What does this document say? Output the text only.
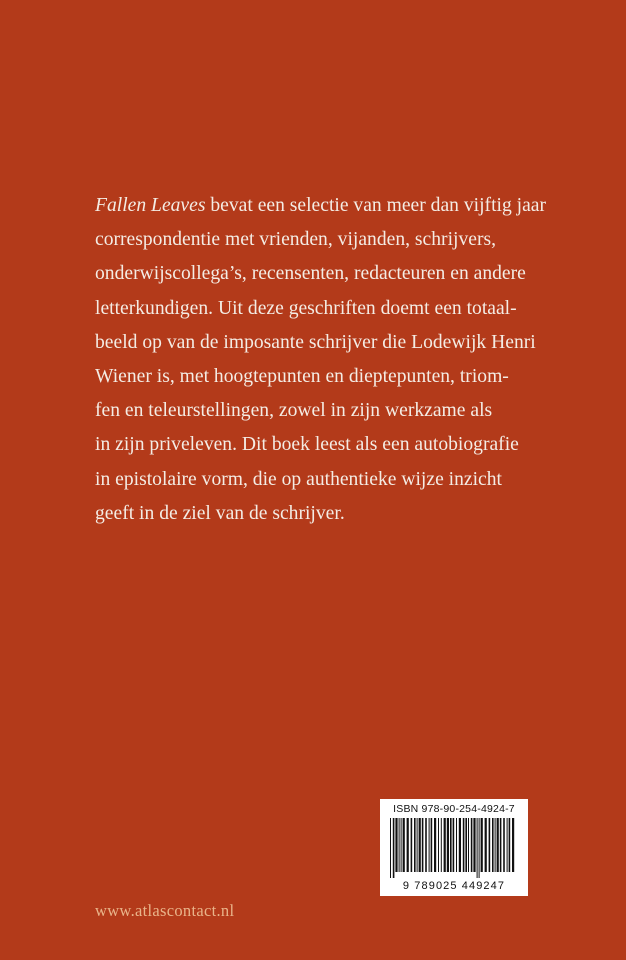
Fallen Leaves bevat een selectie van meer dan vijftig jaar
correspondentie met vrienden, vijanden, schrijvers,
onderwijscollega’s, recensenten, redacteuren en andere
letterkundigen. Uit deze geschriften doemt een totaal-
beeld op van de imposante schrijver die Lodewijk Henri
Wiener is, met hoogtepunten en dieptepunten, triom-
fen en teleurstellingen, zowel in zijn werkzame als
in zijn priveleven. Dit boek leest als een autobiografie
in epistolaire vorm, die op authentieke wijze inzicht
geeft in de ziel van de schrijver.
ISBN 978-90-254-4924-7
9 789025 449247
www.atlascontact.nl
